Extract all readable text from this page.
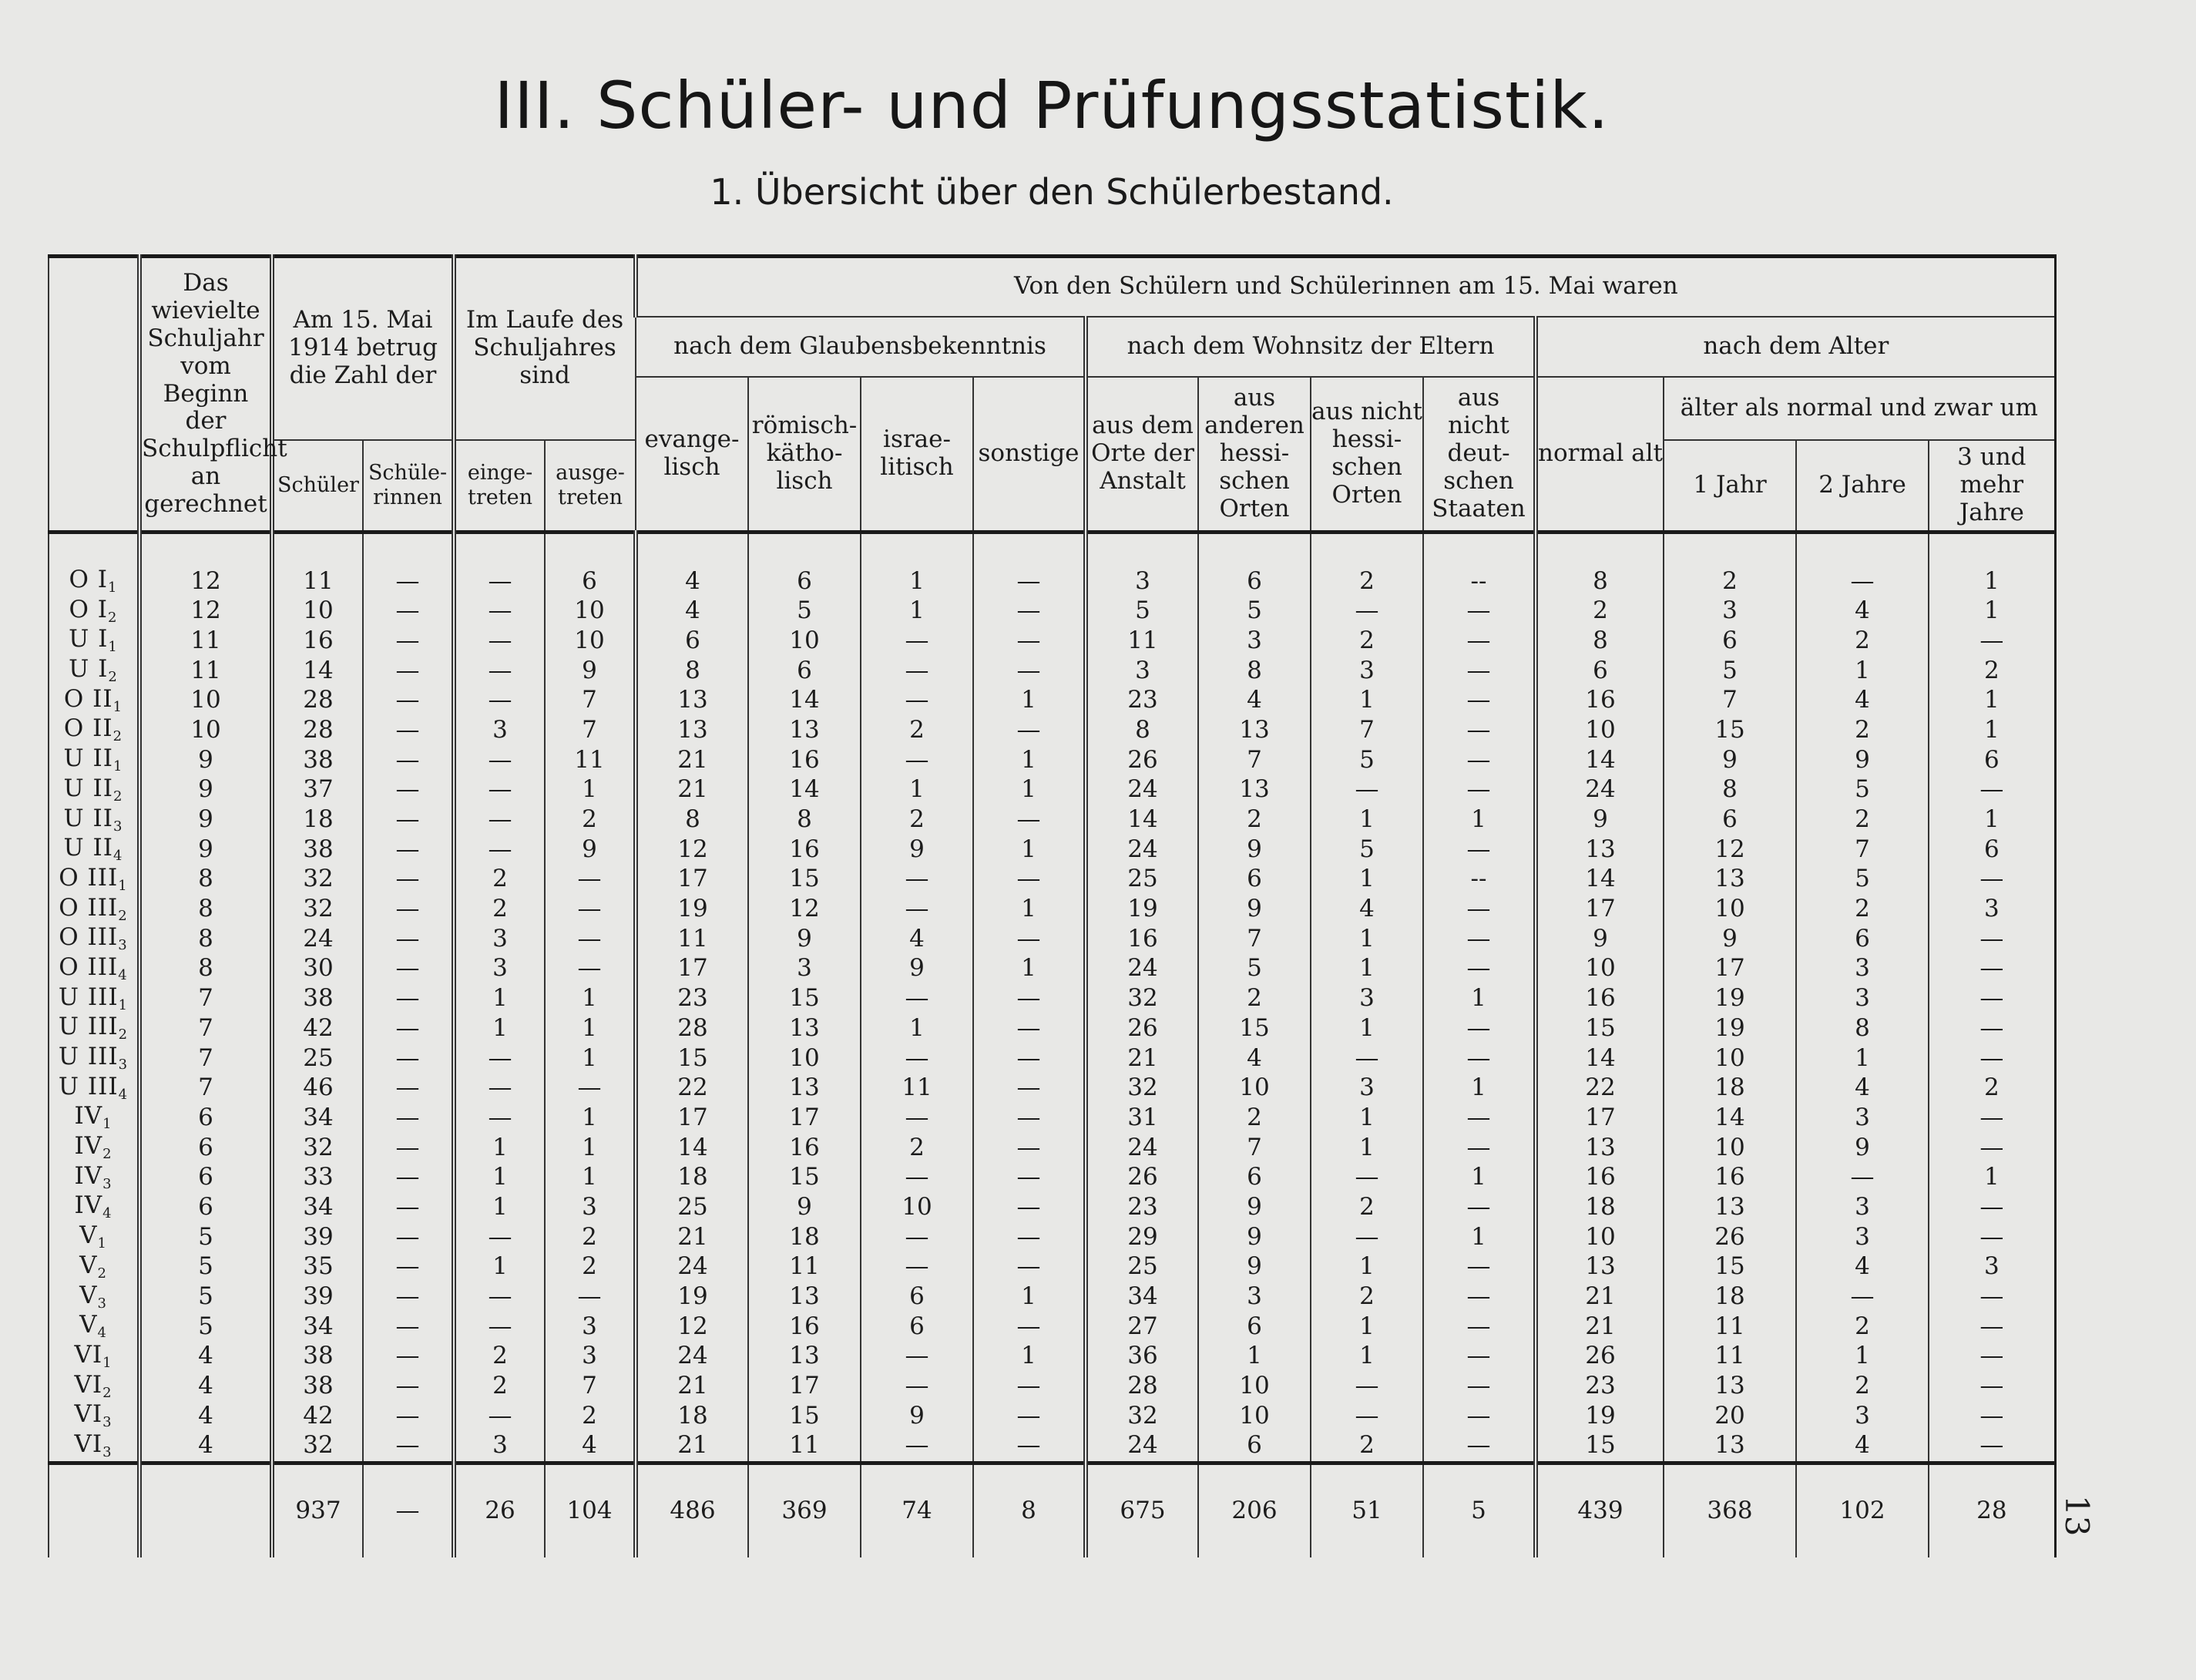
III. Schüler- und Prüfungsstatistik.
1. Übersicht über den Schülerbestand.
	Das wievielte Schuljahr vom Beginn der Schulpflicht an gerechnet	Am 15. Mai 1914 betrug die Zahl der		Im Laufe des Schuljahres sind		Von den Schülern und Schülerinnen am 15. Mai waren											
						nach dem Glaubensbekenntnis				nach dem Wohnsitz der Eltern				nach dem Alter			
						evange-lisch	römisch-kätho-lisch	israe-litisch	sonstige	aus dem Orte der Anstalt	aus anderen hessi-schen Orten	aus nicht hessi-schen Orten	aus nicht deut-schen Staaten	normal alt	älter als normal und zwar um		
		Schüler	Schüle-rinnen	einge-treten	ausge-treten										1 Jahr	2 Jahre	3 und mehr Jahre

O $I_1$	12	11	—	—	6	4	6	1	—	3	6	2	--	8	2	—	1
O $I_2$	12	10	—	—	10	4	5	1	—	5	5	—	—	2	3	4	1
U $I_1$	11	16	—	—	10	6	10	—	—	11	3	2	—	8	6	2	—
U $I_2$	11	14	—	—	9	8	6	—	—	3	8	3	—	6	5	1	2
O $II_1$	10	28	—	—	7	13	14	—	1	23	4	1	—	16	7	4	1
O $II_2$	10	28	—	3	7	13	13	2	—	8	13	7	—	10	15	2	1
U $II_1$	9	38	—	—	11	21	16	—	1	26	7	5	—	14	9	9	6
U $II_2$	9	37	—	—	1	21	14	1	1	24	13	—	—	24	8	5	—
U $II_3$	9	18	—	—	2	8	8	2	—	14	2	1	1	9	6	2	1
U $II_4$	9	38	—	—	9	12	16	9	1	24	9	5	—	13	12	7	6
O $III_1$	8	32	—	2	—	17	15	—	—	25	6	1	--	14	13	5	—
O $III_2$	8	32	—	2	—	19	12	—	1	19	9	4	—	17	10	2	3
O $III_3$	8	24	—	3	—	11	9	4	—	16	7	1	—	9	9	6	—
O $III_4$	8	30	—	3	—	17	3	9	1	24	5	1	—	10	17	3	—
U $III_1$	7	38	—	1	1	23	15	—	—	32	2	3	1	16	19	3	—
U $III_2$	7	42	—	1	1	28	13	1	—	26	15	1	—	15	19	8	—
U $III_3$	7	25	—	—	1	15	10	—	—	21	4	—	—	14	10	1	—
U $III_4$	7	46	—	—	—	22	13	11	—	32	10	3	1	22	18	4	2
$IV_1$	6	34	—	—	1	17	17	—	—	31	2	1	—	17	14	3	—
$IV_2$	6	32	—	1	1	14	16	2	—	24	7	1	—	13	10	9	—
$IV_3$	6	33	—	1	1	18	15	—	—	26	6	—	1	16	16	—	1
$IV_4$	6	34	—	1	3	25	9	10	—	23	9	2	—	18	13	3	—
$V_1$	5	39	—	—	2	21	18	—	—	29	9	—	1	10	26	3	—
$V_2$	5	35	—	1	2	24	11	—	—	25	9	1	—	13	15	4	3
$V_3$	5	39	—	—	—	19	13	6	1	34	3	2	—	21	18	—	—
$V_4$	5	34	—	—	3	12	16	6	—	27	6	1	—	21	11	2	—
$VI_1$	4	38	—	2	3	24	13	—	1	36	1	1	—	26	11	1	—
$VI_2$	4	38	—	2	7	21	17	—	—	28	10	—	—	23	13	2	—
$VI_3$	4	42	—	—	2	18	15	9	—	32	10	—	—	19	20	3	—
$VI_3$	4	32	—	3	4	21	11	—	—	24	6	2	—	15	13	4	—
		937	—	26	104	486	369	74	8	675	206	51	5	439	368	102	28 13
